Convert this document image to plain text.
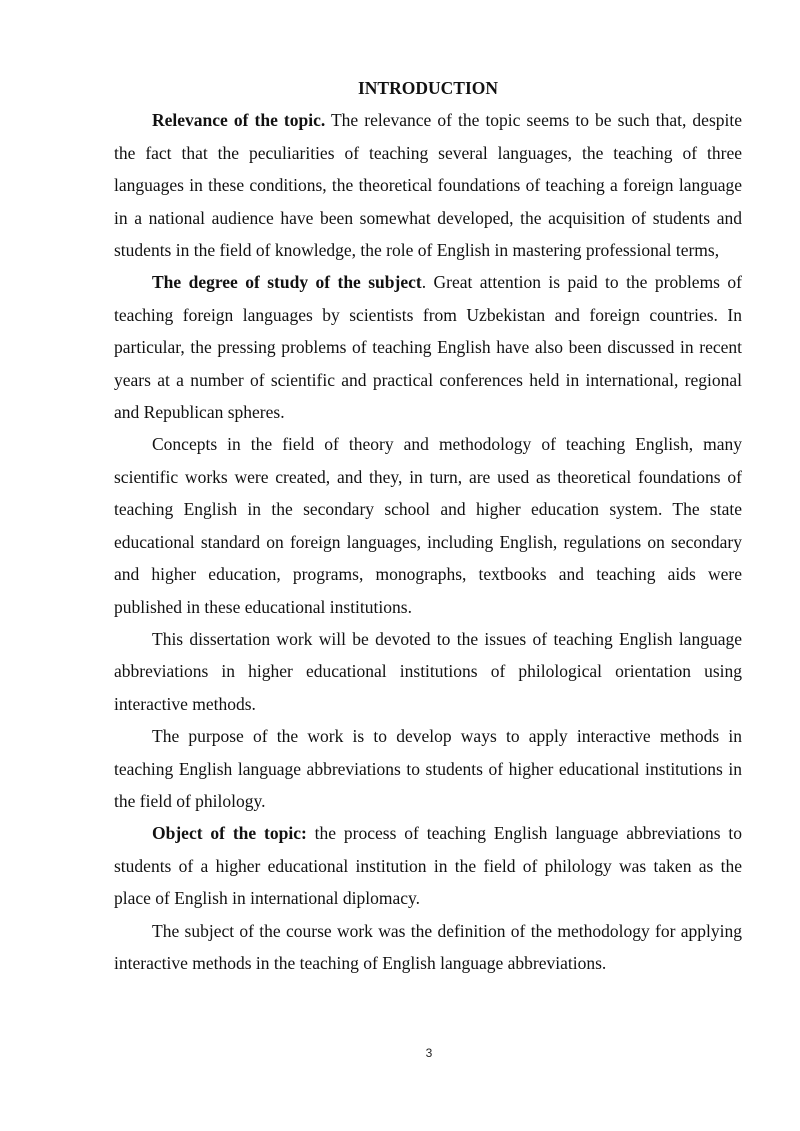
INTRODUCTION

Relevance of the topic. The relevance of the topic seems to be such that, despite the fact that the peculiarities of teaching several languages, the teaching of three languages in these conditions, the theoretical foundations of teaching a foreign language in a national audience have been somewhat developed, the acquisition of students and students in the field of knowledge, the role of English in mastering professional terms,

The degree of study of the subject. Great attention is paid to the problems of teaching foreign languages by scientists from Uzbekistan and foreign countries. In particular, the pressing problems of teaching English have also been discussed in recent years at a number of scientific and practical conferences held in international, regional and Republican spheres.

Concepts in the field of theory and methodology of teaching English, many scientific works were created, and they, in turn, are used as theoretical foundations of teaching English in the secondary school and higher education system. The state educational standard on foreign languages, including English, regulations on secondary and higher education, programs, monographs, textbooks and teaching aids were published in these educational institutions.

This dissertation work will be devoted to the issues of teaching English language abbreviations in higher educational institutions of philological orientation using interactive methods.

The purpose of the work is to develop ways to apply interactive methods in teaching English language abbreviations to students of higher educational institutions in the field of philology.

Object of the topic: the process of teaching English language abbreviations to students of a higher educational institution in the field of philology was taken as the place of English in international diplomacy.

The subject of the course work was the definition of the methodology for applying interactive methods in the teaching of English language abbreviations.

3
